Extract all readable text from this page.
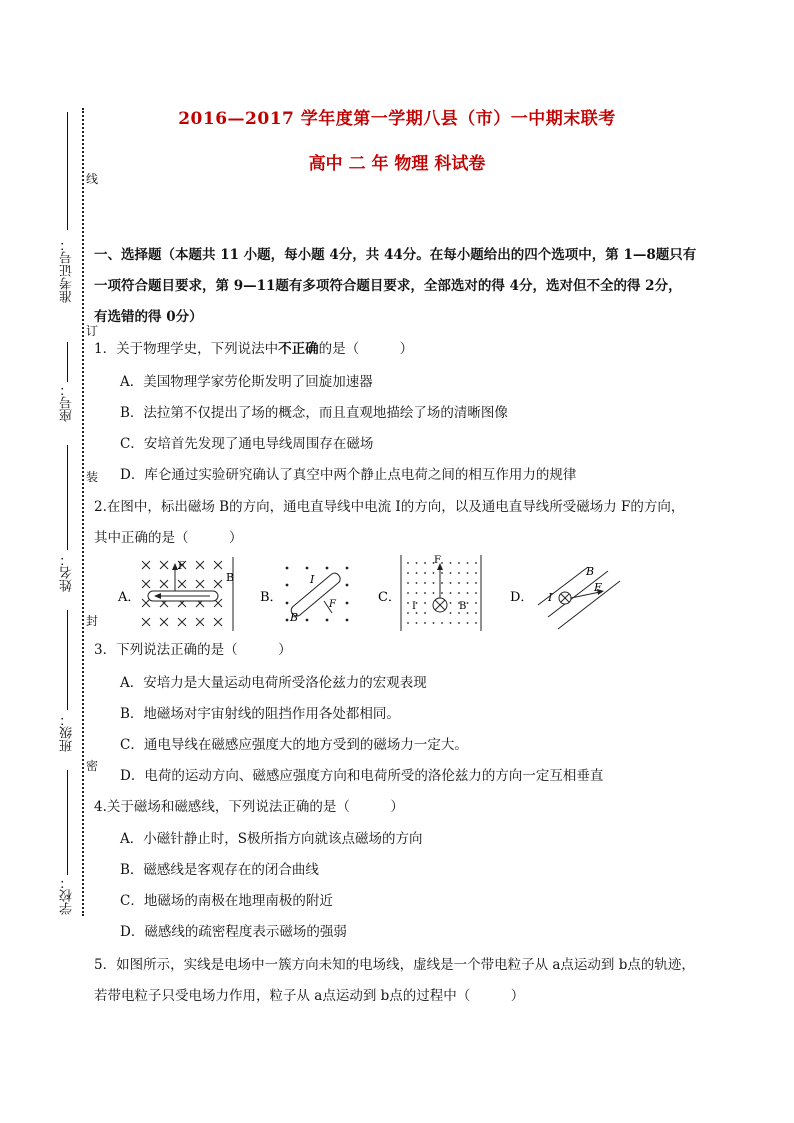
准考证号：
座号：
姓名：
班级：
学校：
线
订
装
封
密
2016—2017 学年度第一学期八县（市）一中期末联考
高中 二 年 物理 科试卷
一、选择题（本题共 11 小题，每小题 4分，共 44分。在每小题给出的四个选项中，第 1—8题只有
一项符合题目要求，第 9—11题有多项符合题目要求，全部选对的得 4分，选对但不全的得 2分，
有选错的得 0分）
1．关于物理学史，下列说法中不正确的是（　　　）
A．美国物理学家劳伦斯发明了回旋加速器
B．法拉第不仅提出了场的概念，而且直观地描绘了场的清晰图像
C．安培首先发现了通电导线周围存在磁场
D．库仑通过实验研究确认了真空中两个静止点电荷之间的相互作用力的规律
2.在图中，标出磁场 B的方向，通电直导线中电流 I的方向，以及通电直导线所受磁场力 F的方向，
其中正确的是（　　　）
A．
B
F
B．
I
B
F	C．
F
I	B
D．
B
I
F
3．下列说法正确的是（　　　）
A．安培力是大量运动电荷所受洛伦兹力的宏观表现
B．地磁场对宇宙射线的阻挡作用各处都相同。
C．通电导线在磁感应强度大的地方受到的磁场力一定大。
D．电荷的运动方向、磁感应强度方向和电荷所受的洛伦兹力的方向一定互相垂直
4.关于磁场和磁感线，下列说法正确的是（　　　）
A．小磁针静止时，S极所指方向就该点磁场的方向
B．磁感线是客观存在的闭合曲线
C．地磁场的南极在地理南极的附近
D．磁感线的疏密程度表示磁场的强弱
5．如图所示，实线是电场中一簇方向未知的电场线，虚线是一个带电粒子从 a点运动到 b点的轨迹，
若带电粒子只受电场力作用，粒子从 a点运动到 b点的过程中（　　　）
